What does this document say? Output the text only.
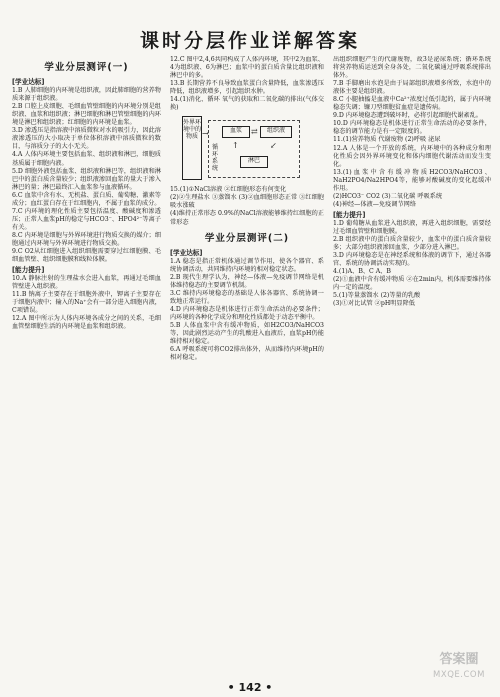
课时分层作业详解答案
学业分层测评(一)
[学业达标]

1.B 人肺细胞的内环境是组织液，因此肺细胞的营养物质来源于组织液。

2.B 口腔上皮细胞、毛细血管壁细胞的内环境分别是组织液、血浆和组织液；淋巴细胞和淋巴管壁细胞的内环境是淋巴和组织液；红细胞的内环境是血浆。

3.D 渗透压是指溶液中溶质微粒对水的吸引力，因此溶液渗透压的大小取决于单位体积溶液中溶质微粒的数目，与溶质分子的大小无关。

4.A 人体内环境主要包括血浆、组织液和淋巴，细胞质基质属于细胞内液。

5.D 细胞外液包括血浆、组织液和淋巴等，组织液和淋巴中的蛋白质含量较少；组织液渗回血浆的量大于渗入淋巴的量；淋巴最终汇入血浆参与血液循环。

6.C 血浆中含有水、无机盐、蛋白质、葡萄糖、激素等成分；血红蛋白存在于红细胞内，不属于血浆的成分。

7.C 内环境的理化性质主要包括温度、酸碱度和渗透压；正常人血浆pH的稳定与HCO3⁻、HPO4²⁻等离子有关。

8.C 内环境是细胞与外界环境进行物质交换的媒介；细胞通过内环境与外界环境进行物质交换。

9.C O2从红细胞进入组织细胞需要穿过红细胞膜、毛细血管壁、组织细胞膜和线粒体膜。

[能力提升]

10.A 静脉注射的生理盐水会进入血浆，再通过毛细血管壁进入组织液。

11.B 钠离子主要存在于细胞外液中，钾离子主要存在于细胞内液中；输入的Na⁺会有一部分进入细胞内液，C项错误。

12.A 图中所示为人体内环境各成分之间的关系，毛细血管壁细胞生活的内环境是血浆和组织液。

12.C 图中2,4,6共同构成了人体内环境，其中2为血浆、4为组织液、6为淋巴；血浆中的蛋白质含量比组织液和淋巴中的多。

13.B 长期营养不良导致血浆蛋白含量降低，血浆渗透压降低，组织液增多，引起组织水肿。

14.(1)消化、循环 氧气的获取和二氧化碳的排出(气体交换)

外界环境中的物质
血浆	组织液
淋巴
循环系统
⇄
↑	↙
→

15.(1)①NaCl溶液 ②红细胞形态有何变化

(2)②生理盐水 ③蒸馏水 (3)②血细胞形态正常 ③红细胞吸水涨破

(4)维持正常形态 0.9%的NaCl溶液能够维持红细胞的正常形态

学业分层测评(二)
[学业达标]

1.A 稳态是指正常机体通过调节作用，使各个器官、系统协调活动，共同维持内环境的相对稳定状态。

2.B 现代生理学认为，神经—体液—免疫调节网络是机体维持稳态的主要调节机制。

3.C 维持内环境稳态的基础是人体各器官、系统协调一致地正常运行。

4.D 内环境稳态是机体进行正常生命活动的必要条件；内环境的各种化学成分和理化性质都处于动态平衡中。

5.B 人体血浆中含有缓冲物质，如H2CO3/NaHCO3等，因此剧烈运动产生的乳酸进入血液后，血浆pH仍能维持相对稳定。

6.A 呼吸系统可将CO2排出体外，从而维持内环境pH的相对稳定。

出组织细胞产生的代谢废物，故3是泌尿系统；循环系统将营养物质运送到全身各处，二氧化碳通过呼吸系统排出体外。

7.B 手脚磨出水泡是由于局部组织液增多所致，水泡中的液体主要是组织液。

8.C 小腿抽搐是血液中Ca²⁺浓度过低引起的，属于内环境稳态失调；镰刀型细胞贫血症是遗传病。

9.D 内环境稳态遭到破坏时，必将引起细胞代谢紊乱。

10.D 内环境稳态是机体进行正常生命活动的必要条件，稳态的调节能力是有一定限度的。

11.(1)营养物质 代谢废物 (2)呼吸 泌尿

12.A 人体是一个开放的系统，内环境中的各种成分和理化性质会因外界环境变化和体内细胞代谢活动而发生变化。

13.(1)血浆中含有缓冲物质H2CO3/NaHCO3、NaH2PO4/Na2HPO4等，能够对酸碱度的变化起缓冲作用。

(2)HCO3⁻ CO2 (3)二氧化碳 呼吸系统

(4)神经—体液—免疫调节网络

[能力提升]

1.D 葡萄糖从血浆进入组织液，再进入组织细胞，需要经过毛细血管壁和细胞膜。

2.B 组织液中的蛋白质含量较少，血浆中的蛋白质含量较多；大部分组织液渗回血浆，少部分进入淋巴。

3.D 内环境稳态是在神经系统和体液的调节下，通过各器官、系统的协调活动实现的。

4.(1)A、B、C A、B

(2)①血液中含有缓冲物质 ②在2min内，机体需要维持体内一定的温度。

5.(1)等量蒸馏水 (2)等量的乳酸

(3)①对比试管 ②pH明显降低

• 142 •
答案圈
MXQE.COM
